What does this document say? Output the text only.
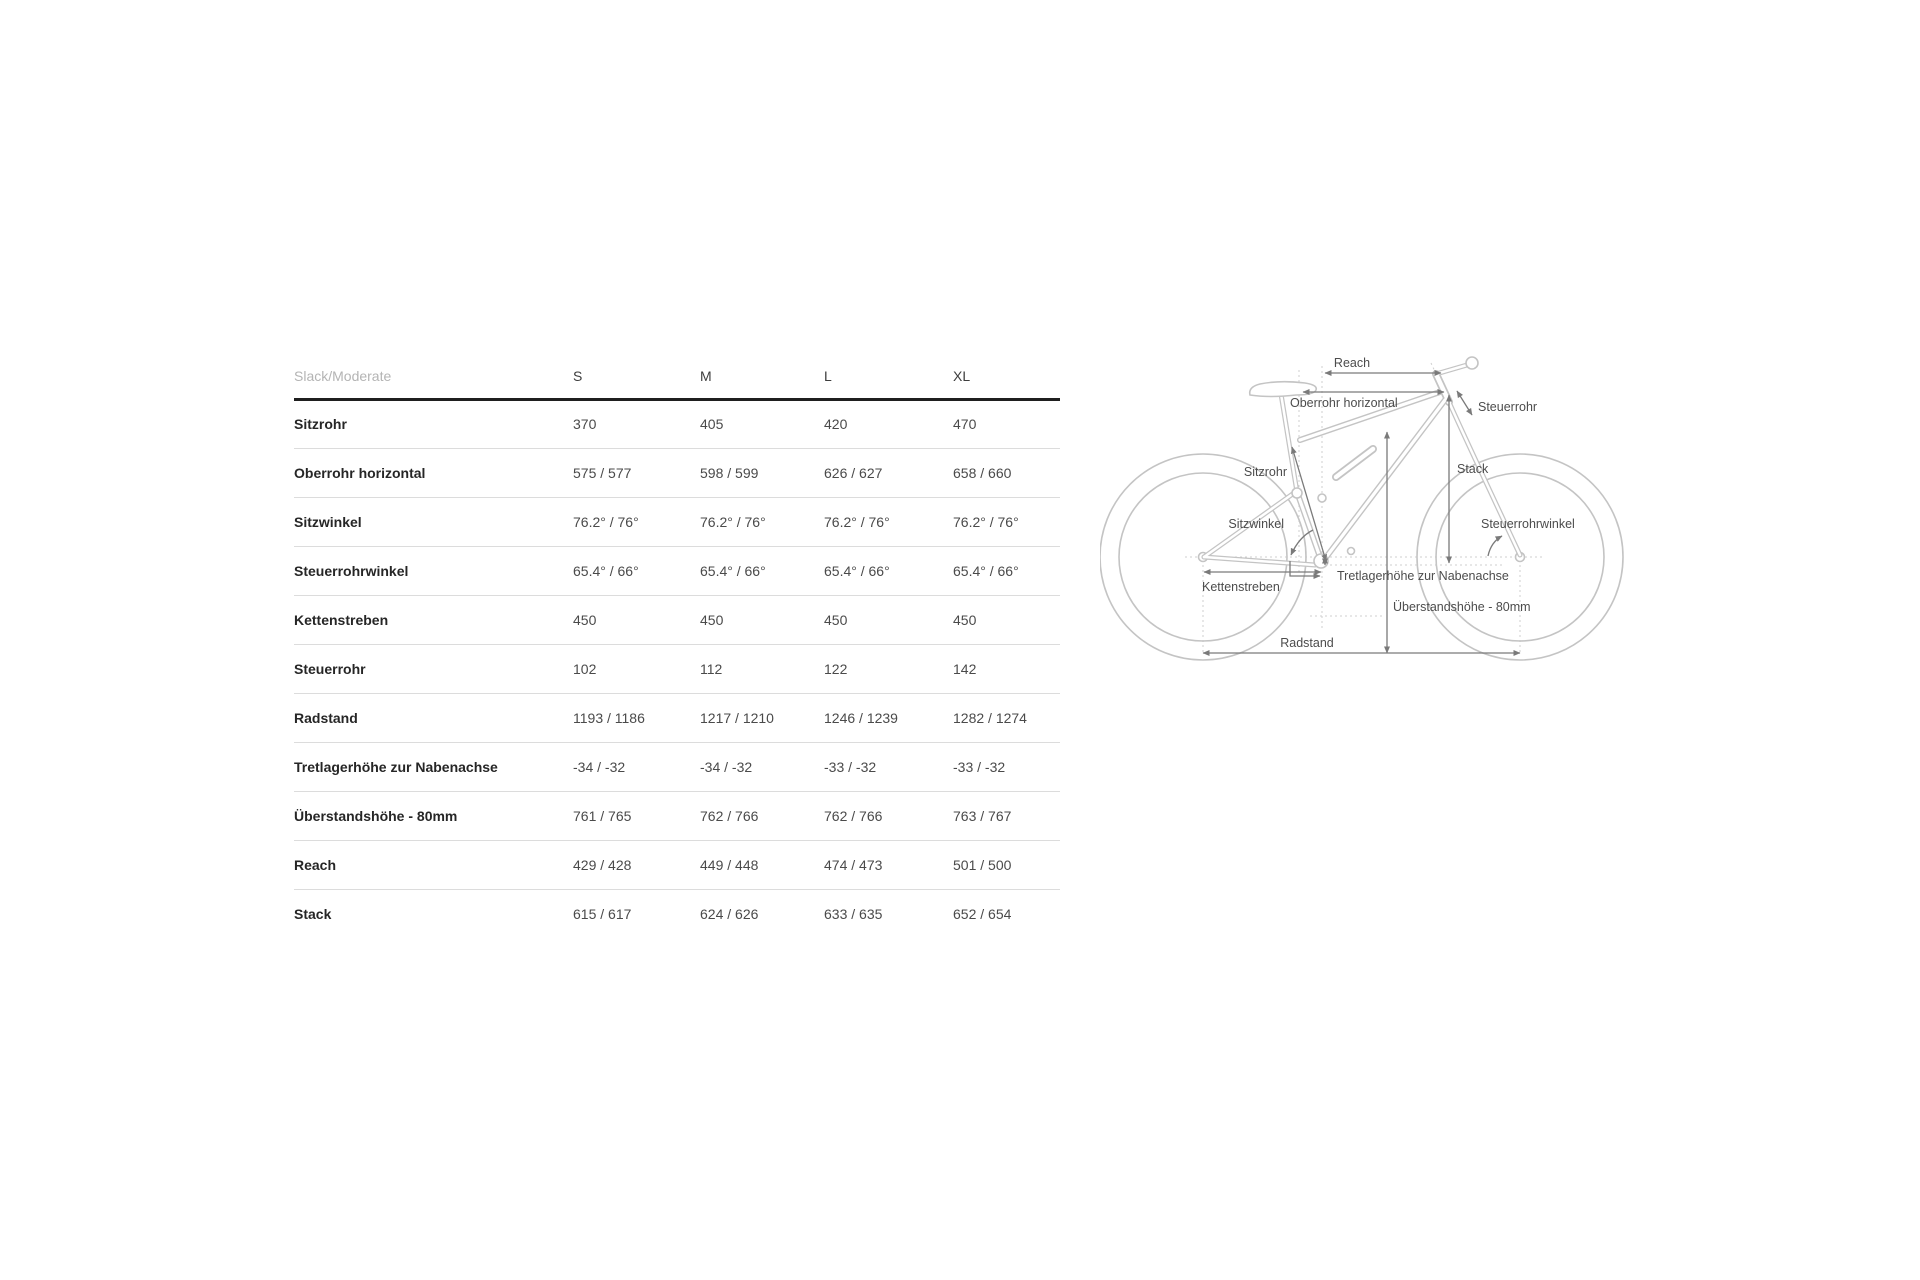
Slack/Moderate	S	M	L	XL
Sitzrohr	370	405	420	470
Oberrohr horizontal	575 / 577	598 / 599	626 / 627	658 / 660
Sitzwinkel	76.2° / 76°	76.2° / 76°	76.2° / 76°	76.2° / 76°
Steuerrohrwinkel	65.4° / 66°	65.4° / 66°	65.4° / 66°	65.4° / 66°
Kettenstreben	450	450	450	450
Steuerrohr	102	112	122	142
Radstand	1193 / 1186	1217 / 1210	1246 / 1239	1282 / 1274
Tretlagerhöhe zur Nabenachse	-34 / -32	-34 / -32	-33 / -32	-33 / -32
Überstandshöhe - 80mm	761 / 765	762 / 766	762 / 766	763 / 767
Reach	429 / 428	449 / 448	474 / 473	501 / 500
Stack	615 / 617	624 / 626	633 / 635	652 / 654
Reach
Oberrohr horizontal	Steuerrohr
Sitzrohr	Stack
Sitzwinkel	Steuerrohrwinkel
Tretlagerhöhe zur Nabenachse
Kettenstreben
Überstandshöhe - 80mm
Radstand
